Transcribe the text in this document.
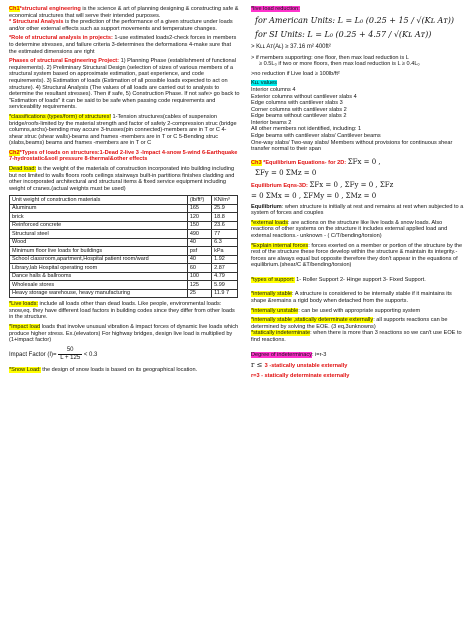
Ch1*structural engineering is the science & art of planning designing & constructing safe & economical structures that will serve their intended purposes.
* Structural Analysis is the prediction of the performance of a given structure under loads and/or other external effects such as support movements and temperature changes.

*Role of structural analysis in projects: 1-use estimated loads2-check forces in members to determine stresses, and failure criteria 3-determines the deformations 4-make sure that the estimated dimensions are right

Phases of structural Engineering Project: 1) Planning Phase (establishment of functional requirements). 2) Preliminary Structural Design (selection of sizes of various members of a structural system based on approximate estimation, past experience, and code requirements). 3) Estimation of loads (Estimation of all possible loads expected to act on structure). 4) Structural Analysis (The values of all loads are carried out to analysis to determine the resultant stresses). Then if safe, 5) Construction Phase. If not safe> go back to "Estimation of loads" it can be said to be safe when passing code requirements and serviceability requirements.

*classifications (types/form) of structures! 1-Tension structures(cables of suspension bridge/roofs-limited by the material strength and factor of safety 2-compression struc (bridge columns,archs)-bending may accure 3-trusses(pin connected)-members are in T or C 4-shear struc (shear walls)-beams and frames -members are in T or C 5-Bending struc (slabs,beams) beams and frames -members are in T or C

Ch2*Types of loads on structures:1-Dead 2-live 3 -Impact 4-snow 5-wind 6-Earthquake 7-hydrostatic&soil pressure 8-thermal&other effects

Dead load: is the weight of the materials of construction incorporated into building including but not limited to walls floors roofs ceilings stairways built-in partitions finishes cladding and other incorporated architectural and structural items & fixed service equipment including weight of cranes.(actual weights must be used)

Unit weight of construction materials	(lb/ft³)	KN/m³
Aluminum	165	25.9
brick	120	18.8
Reinforced concrete	150	23.6
Structural steel	490	77
Wood	40	6.3
Minimum floor live loads for buildings	psf	kPa
School classroom,apartment,Hospital patient room/ward	40	1.92
Library,lab Hospital operating room	60	2.87
Dance halls & ballrooms	100	4.79
Wholesale stores	125	5.99
Heavy storage warehouse, heavy manufacturing	25	11.9 7

*Live loads: include all loads other than dead loads. Like people, environmental loads: snow,eq. they have different load factors in building codes since they differ from other loads in the structure.

*Impact load loads that involve unusual vibration & impact forces of dynamic live loads which produce higher stress. Ex.(elevators) For highway bridges, design live load is multiplied by (1+impact factor)

Impact Factor $(I)= \frac{50}{L + 125} < 0.3$

*Snow Load: the design of snow loads is based on its geographical location.

*live load reduction:

for American Units: L = L₀ (0.25 + 15 / √(Kʟ Aᴛ))
for SI Units: L = L₀ (0.25 + 4.57 / √(Kʟ Aᴛ))

> Kʟʟ Aᴛ(Aʟ) ≥ 37.16 m² 400ft²

> if members supporting: one floor, then max load reduction is L

≥ 0.5L₀ if two or more floors, then max load reduction is L ≥ 0.4L₀

>no reduction if Live load ≥ 100lb/ft²

Kʟʟ values

Interior columns 4
Exterior columns without cantilever slabs 4
Edge columns with cantilever slabs 3
Corner columns with cantilever slabs 2
Edge beams without cantilever slabs 2
Interior beams 2
All other members not identified, including: 1
Edge beams with cantilever slabs/ Cantilever beams
One-way slabs/ Two-way slabs/ Members without provisions for continuous shear transfer normal to their span

Ch3 *Equilibrium Equations- for 2D: ΣFx = 0 ,

ΣFy = 0 ΣMz = 0

Equilibrium Eqns-3D: ΣFx = 0 , ΣFy = 0 , ΣFz

= 0 ΣMx = 0 , ΣFMy = 0 , ΣMz = 0

Equilibrium: when structure is initially at rest and remains at rest when subjected to a system of forces and couples

*external loads: are actions on the structure like live loads & snow loads. Also reactions of other systems on the structure it includes external applied load and external reactions.- unknown - ( C/T/bending/torsion)

*Explain internal forces: forces exerted on a member or portion of the structure by the rest of the structure these force develop within the structure & maintain its integrity.- forces are always equal but opposite therefore they don't appear in the equations of equilibrium.(shear/C &T/bending/torsion)

*types of support: 1- Roller Support 2- Hinge support 3- Fixed Support.

*internally stable: A structure is considered to be internally stable if it maintains its shape &remains a rigid body when detached from the supports.

*internally unstable: can be used with appropriate supporting system

*internally stable ,statically determinate externally: all supports reactions can be determined by solving the EOE. (3 eq,3unknowns)

*statically indeterminate: when there is more than 3 reactions so we can't use EOE to find reactions.

Degree of indeterminacy: i=r-3

r ≤ 3 -statically unstable externally

r=3 - statically determinate externally
